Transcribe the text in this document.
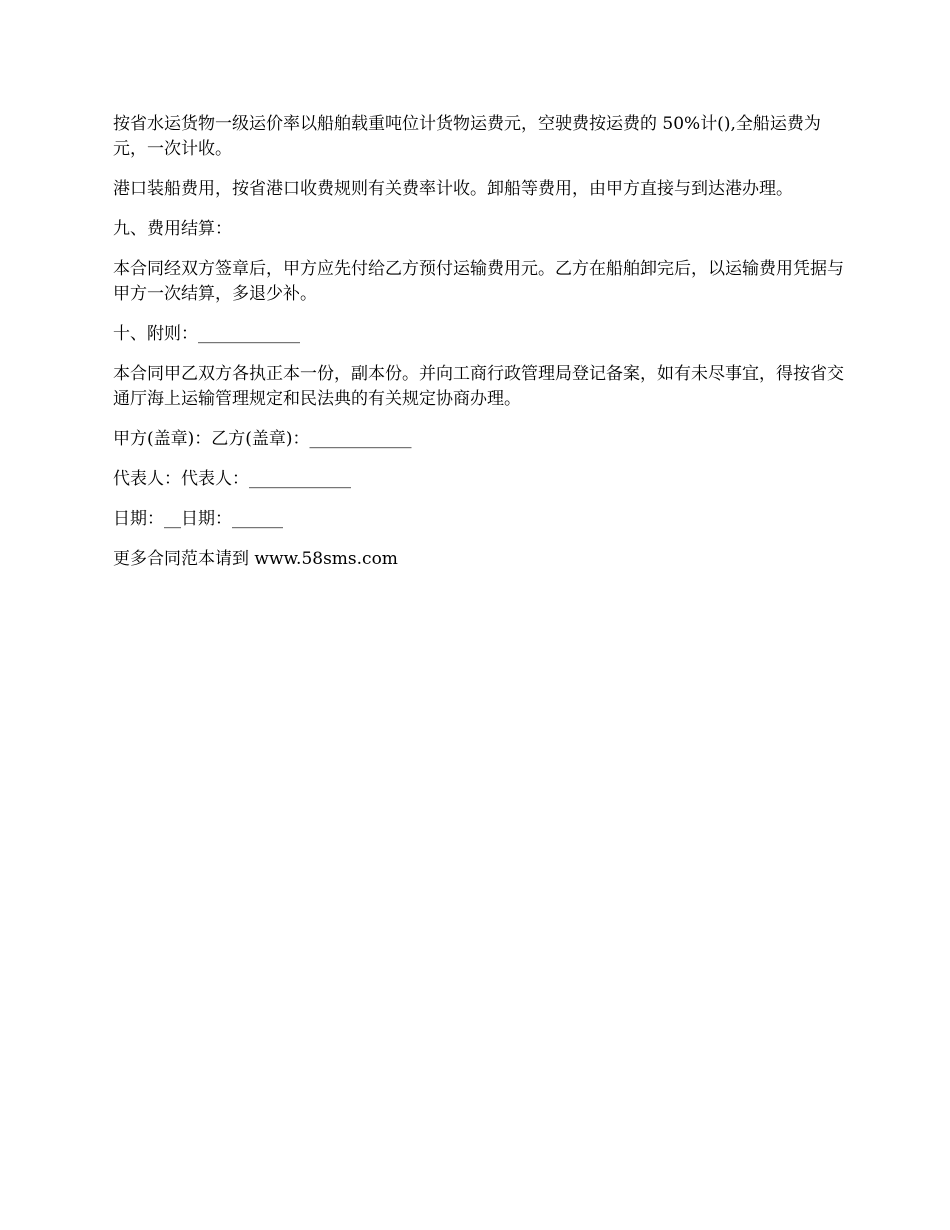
按省水运货物一级运价率以船舶载重吨位计货物运费元，空驶费按运费的 50%计(),全船运费为元，一次计收。

港口装船费用，按省港口收费规则有关费率计收。卸船等费用，由甲方直接与到达港办理。

九、费用结算：

本合同经双方签章后，甲方应先付给乙方预付运输费用元。乙方在船舶卸完后，以运输费用凭据与甲方一次结算，多退少补。

十、附则：____________

本合同甲乙双方各执正本一份，副本份。并向工商行政管理局登记备案，如有未尽事宜，得按省交通厅海上运输管理规定和民法典的有关规定协商办理。

甲方(盖章)：乙方(盖章)：____________

代表人：代表人：____________

日期：__日期：______

更多合同范本请到 www.58sms.com
